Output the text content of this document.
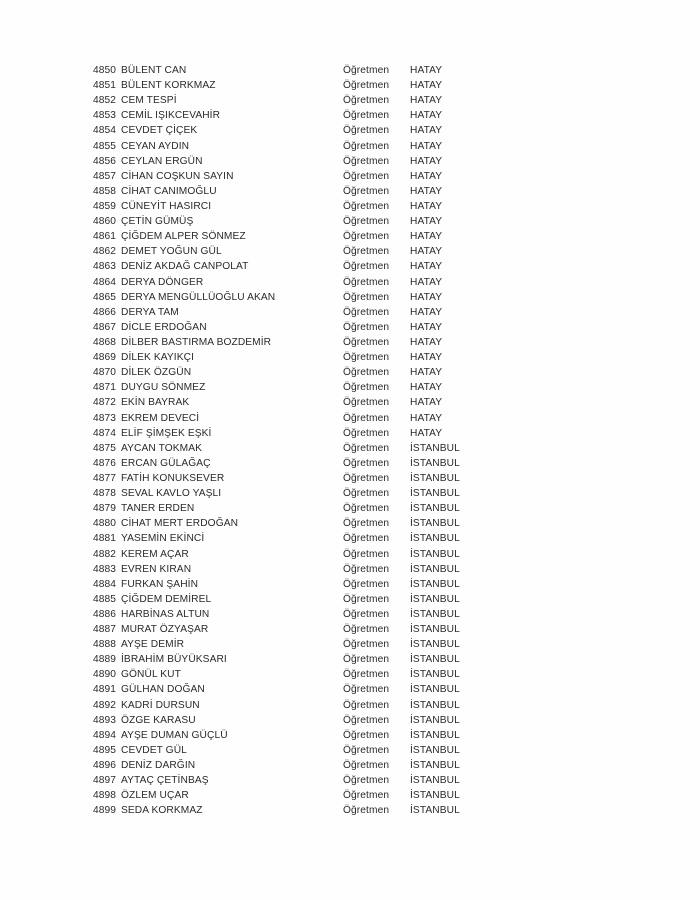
4850 BÜLENT CAN	Öğretmen HATAY
4851 BÜLENT KORKMAZ	Öğretmen HATAY
4852 CEM TESPİ	Öğretmen HATAY
4853 CEMİL IŞIKCEVAHİR	Öğretmen HATAY
4854 CEVDET ÇİÇEK	Öğretmen HATAY
4855 CEYAN AYDIN	Öğretmen HATAY
4856 CEYLAN ERGÜN	Öğretmen HATAY
4857 CİHAN COŞKUN SAYIN	Öğretmen HATAY
4858 CİHAT CANIMOĞLU	Öğretmen HATAY
4859 CÜNEYİT HASIRCI	Öğretmen HATAY
4860 ÇETİN GÜMÜŞ	Öğretmen HATAY
4861 ÇİĞDEM ALPER SÖNMEZ	Öğretmen HATAY
4862 DEMET YOĞUN GÜL	Öğretmen HATAY
4863 DENİZ AKDAĞ CANPOLAT	Öğretmen HATAY
4864 DERYA DÖNGER	Öğretmen HATAY
4865 DERYA MENGÜLLÜOĞLU AKAN	Öğretmen HATAY
4866 DERYA TAM	Öğretmen HATAY
4867 DİCLE ERDOĞAN	Öğretmen HATAY
4868 DİLBER BASTIRMA BOZDEMİR	Öğretmen HATAY
4869 DİLEK KAYIKÇI	Öğretmen HATAY
4870 DİLEK ÖZGÜN	Öğretmen HATAY
4871 DUYGU SÖNMEZ	Öğretmen HATAY
4872 EKİN BAYRAK	Öğretmen HATAY
4873 EKREM DEVECİ	Öğretmen HATAY
4874 ELİF ŞİMŞEK EŞKİ	Öğretmen HATAY
4875 AYCAN TOKMAK	Öğretmen İSTANBUL
4876 ERCAN GÜLAĞAÇ	Öğretmen İSTANBUL
4877 FATİH KONUKSEVER	Öğretmen İSTANBUL
4878 SEVAL KAVLO YAŞLI	Öğretmen İSTANBUL
4879 TANER ERDEN	Öğretmen İSTANBUL
4880 CİHAT MERT ERDOĞAN	Öğretmen İSTANBUL
4881 YASEMİN EKİNCİ	Öğretmen İSTANBUL
4882 KEREM AÇAR	Öğretmen İSTANBUL
4883 EVREN KIRAN	Öğretmen İSTANBUL
4884 FURKAN ŞAHİN	Öğretmen İSTANBUL
4885 ÇİĞDEM DEMİREL	Öğretmen İSTANBUL
4886 HARBİNAS ALTUN	Öğretmen İSTANBUL
4887 MURAT ÖZYAŞAR	Öğretmen İSTANBUL
4888 AYŞE DEMİR	Öğretmen İSTANBUL
4889 İBRAHİM BÜYÜKSARI	Öğretmen İSTANBUL
4890 GÖNÜL KUT	Öğretmen İSTANBUL
4891 GÜLHAN DOĞAN	Öğretmen İSTANBUL
4892 KADRİ DURSUN	Öğretmen İSTANBUL
4893 ÖZGE KARASU	Öğretmen İSTANBUL
4894 AYŞE DUMAN GÜÇLÜ	Öğretmen İSTANBUL
4895 CEVDET GÜL	Öğretmen İSTANBUL
4896 DENİZ DARĞIN	Öğretmen İSTANBUL
4897 AYTAÇ ÇETİNBAŞ	Öğretmen İSTANBUL
4898 ÖZLEM UÇAR	Öğretmen İSTANBUL
4899 SEDA KORKMAZ	Öğretmen İSTANBUL
